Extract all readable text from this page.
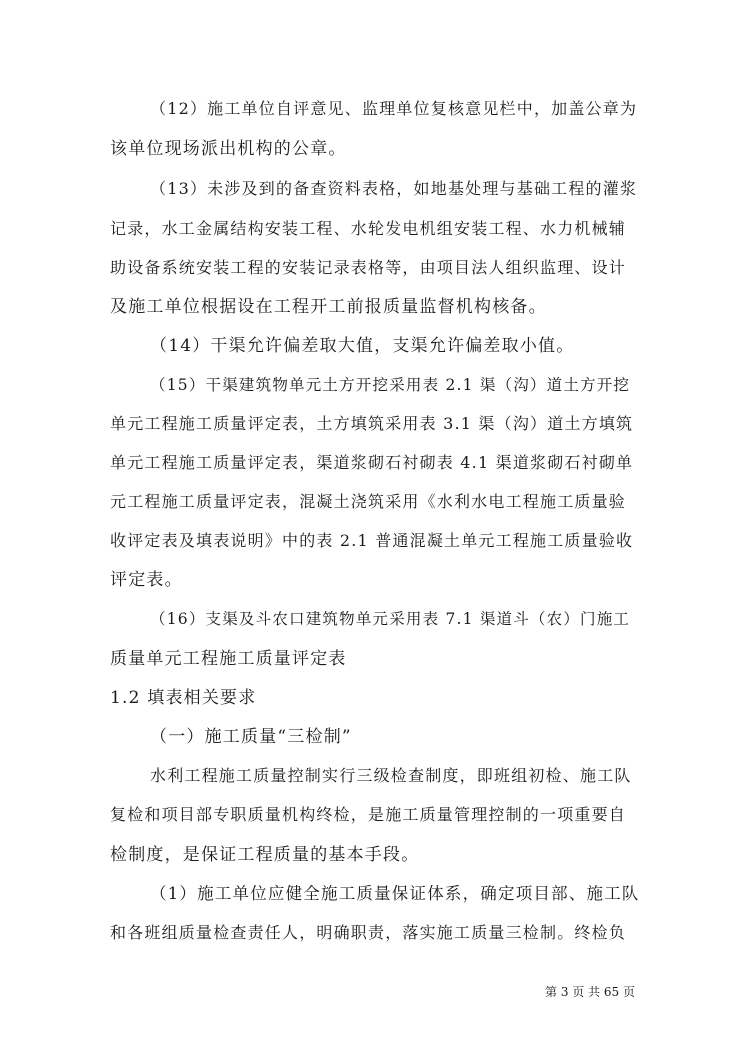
（12）施工单位自评意见、监理单位复核意见栏中，加盖公章为
该单位现场派出机构的公章。
（13）未涉及到的备查资料表格，如地基处理与基础工程的灌浆
记录，水工金属结构安装工程、水轮发电机组安装工程、水力机械辅
助设备系统安装工程的安装记录表格等，由项目法人组织监理、设计
及施工单位根据设在工程开工前报质量监督机构核备。
（14）干渠允许偏差取大值，支渠允许偏差取小值。
（15）干渠建筑物单元土方开挖采用表 2.1 渠（沟）道土方开挖
单元工程施工质量评定表，土方填筑采用表 3.1 渠（沟）道土方填筑
单元工程施工质量评定表，渠道浆砌石衬砌表 4.1 渠道浆砌石衬砌单
元工程施工质量评定表，混凝土浇筑采用《水利水电工程施工质量验
收评定表及填表说明》中的表 2.1 普通混凝土单元工程施工质量验收
评定表。
（16）支渠及斗农口建筑物单元采用表 7.1 渠道斗（农）门施工
质量单元工程施工质量评定表
1.2 填表相关要求
（一）施工质量“三检制”
水利工程施工质量控制实行三级检查制度，即班组初检、施工队
复检和项目部专职质量机构终检，是施工质量管理控制的一项重要自
检制度，是保证工程质量的基本手段。
（1）施工单位应健全施工质量保证体系，确定项目部、施工队
和各班组质量检查责任人，明确职责，落实施工质量三检制。终检负
第 3 页 共 65 页
